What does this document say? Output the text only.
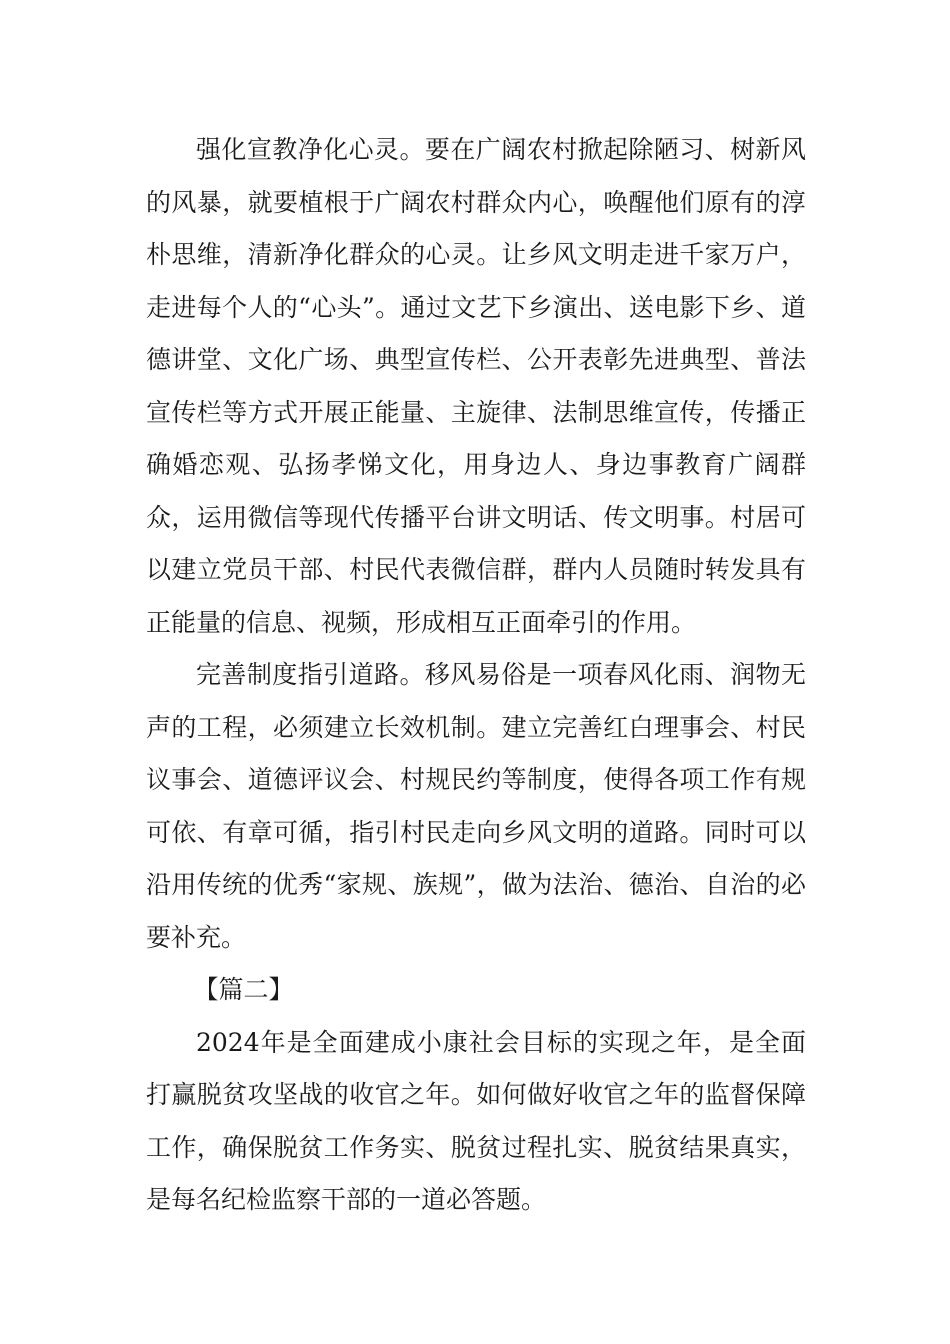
强化宣教净化心灵。要在广阔农村掀起除陋习、树新风的风暴，就要植根于广阔农村群众内心，唤醒他们原有的淳朴思维，清新净化群众的心灵。让乡风文明走进千家万户，走进每个人的“心头”。通过文艺下乡演出、送电影下乡、道德讲堂、文化广场、典型宣传栏、公开表彰先进典型、普法宣传栏等方式开展正能量、主旋律、法制思维宣传，传播正确婚恋观、弘扬孝悌文化，用身边人、身边事教育广阔群众，运用微信等现代传播平台讲文明话、传文明事。村居可以建立党员干部、村民代表微信群，群内人员随时转发具有正能量的信息、视频，形成相互正面牵引的作用。

完善制度指引道路。移风易俗是一项春风化雨、润物无声的工程，必须建立长效机制。建立完善红白理事会、村民议事会、道德评议会、村规民约等制度，使得各项工作有规可依、有章可循，指引村民走向乡风文明的道路。同时可以沿用传统的优秀“家规、族规”，做为法治、德治、自治的必要补充。

【篇二】

2024年是全面建成小康社会目标的实现之年，是全面打赢脱贫攻坚战的收官之年。如何做好收官之年的监督保障工作，确保脱贫工作务实、脱贫过程扎实、脱贫结果真实，是每名纪检监察干部的一道必答题。
